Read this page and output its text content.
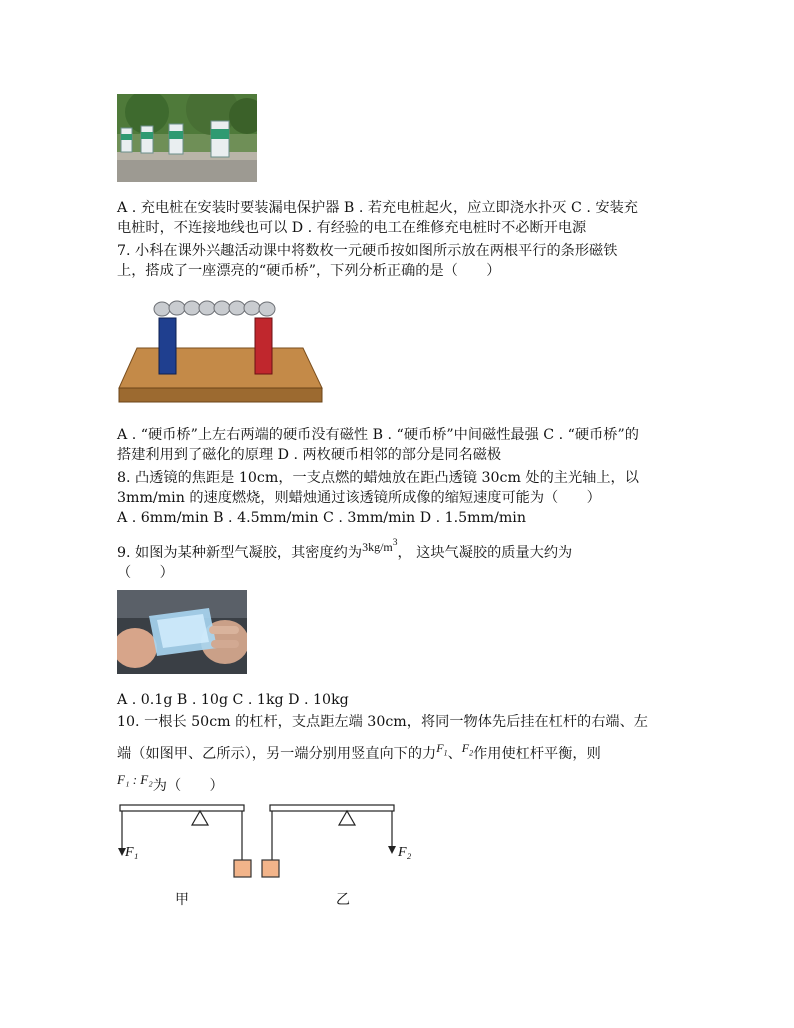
A . 充电桩在安装时要装漏电保护器 B . 若充电桩起火，应立即浇水扑灭 C . 安装充
电桩时，不连接地线也可以 D . 有经验的电工在维修充电桩时不必断开电源
7. 小科在课外兴趣活动课中将数枚一元硬币按如图所示放在两根平行的条形磁铁
上，搭成了一座漂亮的“硬币桥”，下列分析正确的是（　　）
A . “硬币桥”上左右两端的硬币没有磁性 B . “硬币桥”中间磁性最强 C . “硬币桥”的
搭建利用到了磁化的原理 D . 两枚硬币相邻的部分是同名磁极
8. 凸透镜的焦距是 10cm，一支点燃的蜡烛放在距凸透镜 30cm 处的主光轴上，以
3mm/min 的速度燃烧，则蜡烛通过该透镜所成像的缩短速度可能为（　　）
A . 6mm/min B . 4.5mm/min C . 3mm/min D . 1.5mm/min
9. 如图为某种新型气凝胶，其密度约为$^{3kg/m3}$， 这块气凝胶的质量大约为
（　　）
A . 0.1g B . 10g C . 1kg D . 10kg
10. 一根长 50cm 的杠杆，支点距左端 30cm，将同一物体先后挂在杠杆的右端、左
端（如图甲、乙所示），另一端分别用竖直向下的力$^{F_1}$、$^{F_2}$作用使杠杆平衡，则
F₁ : F₂为（　　）
F₁	F₂
甲	乙
